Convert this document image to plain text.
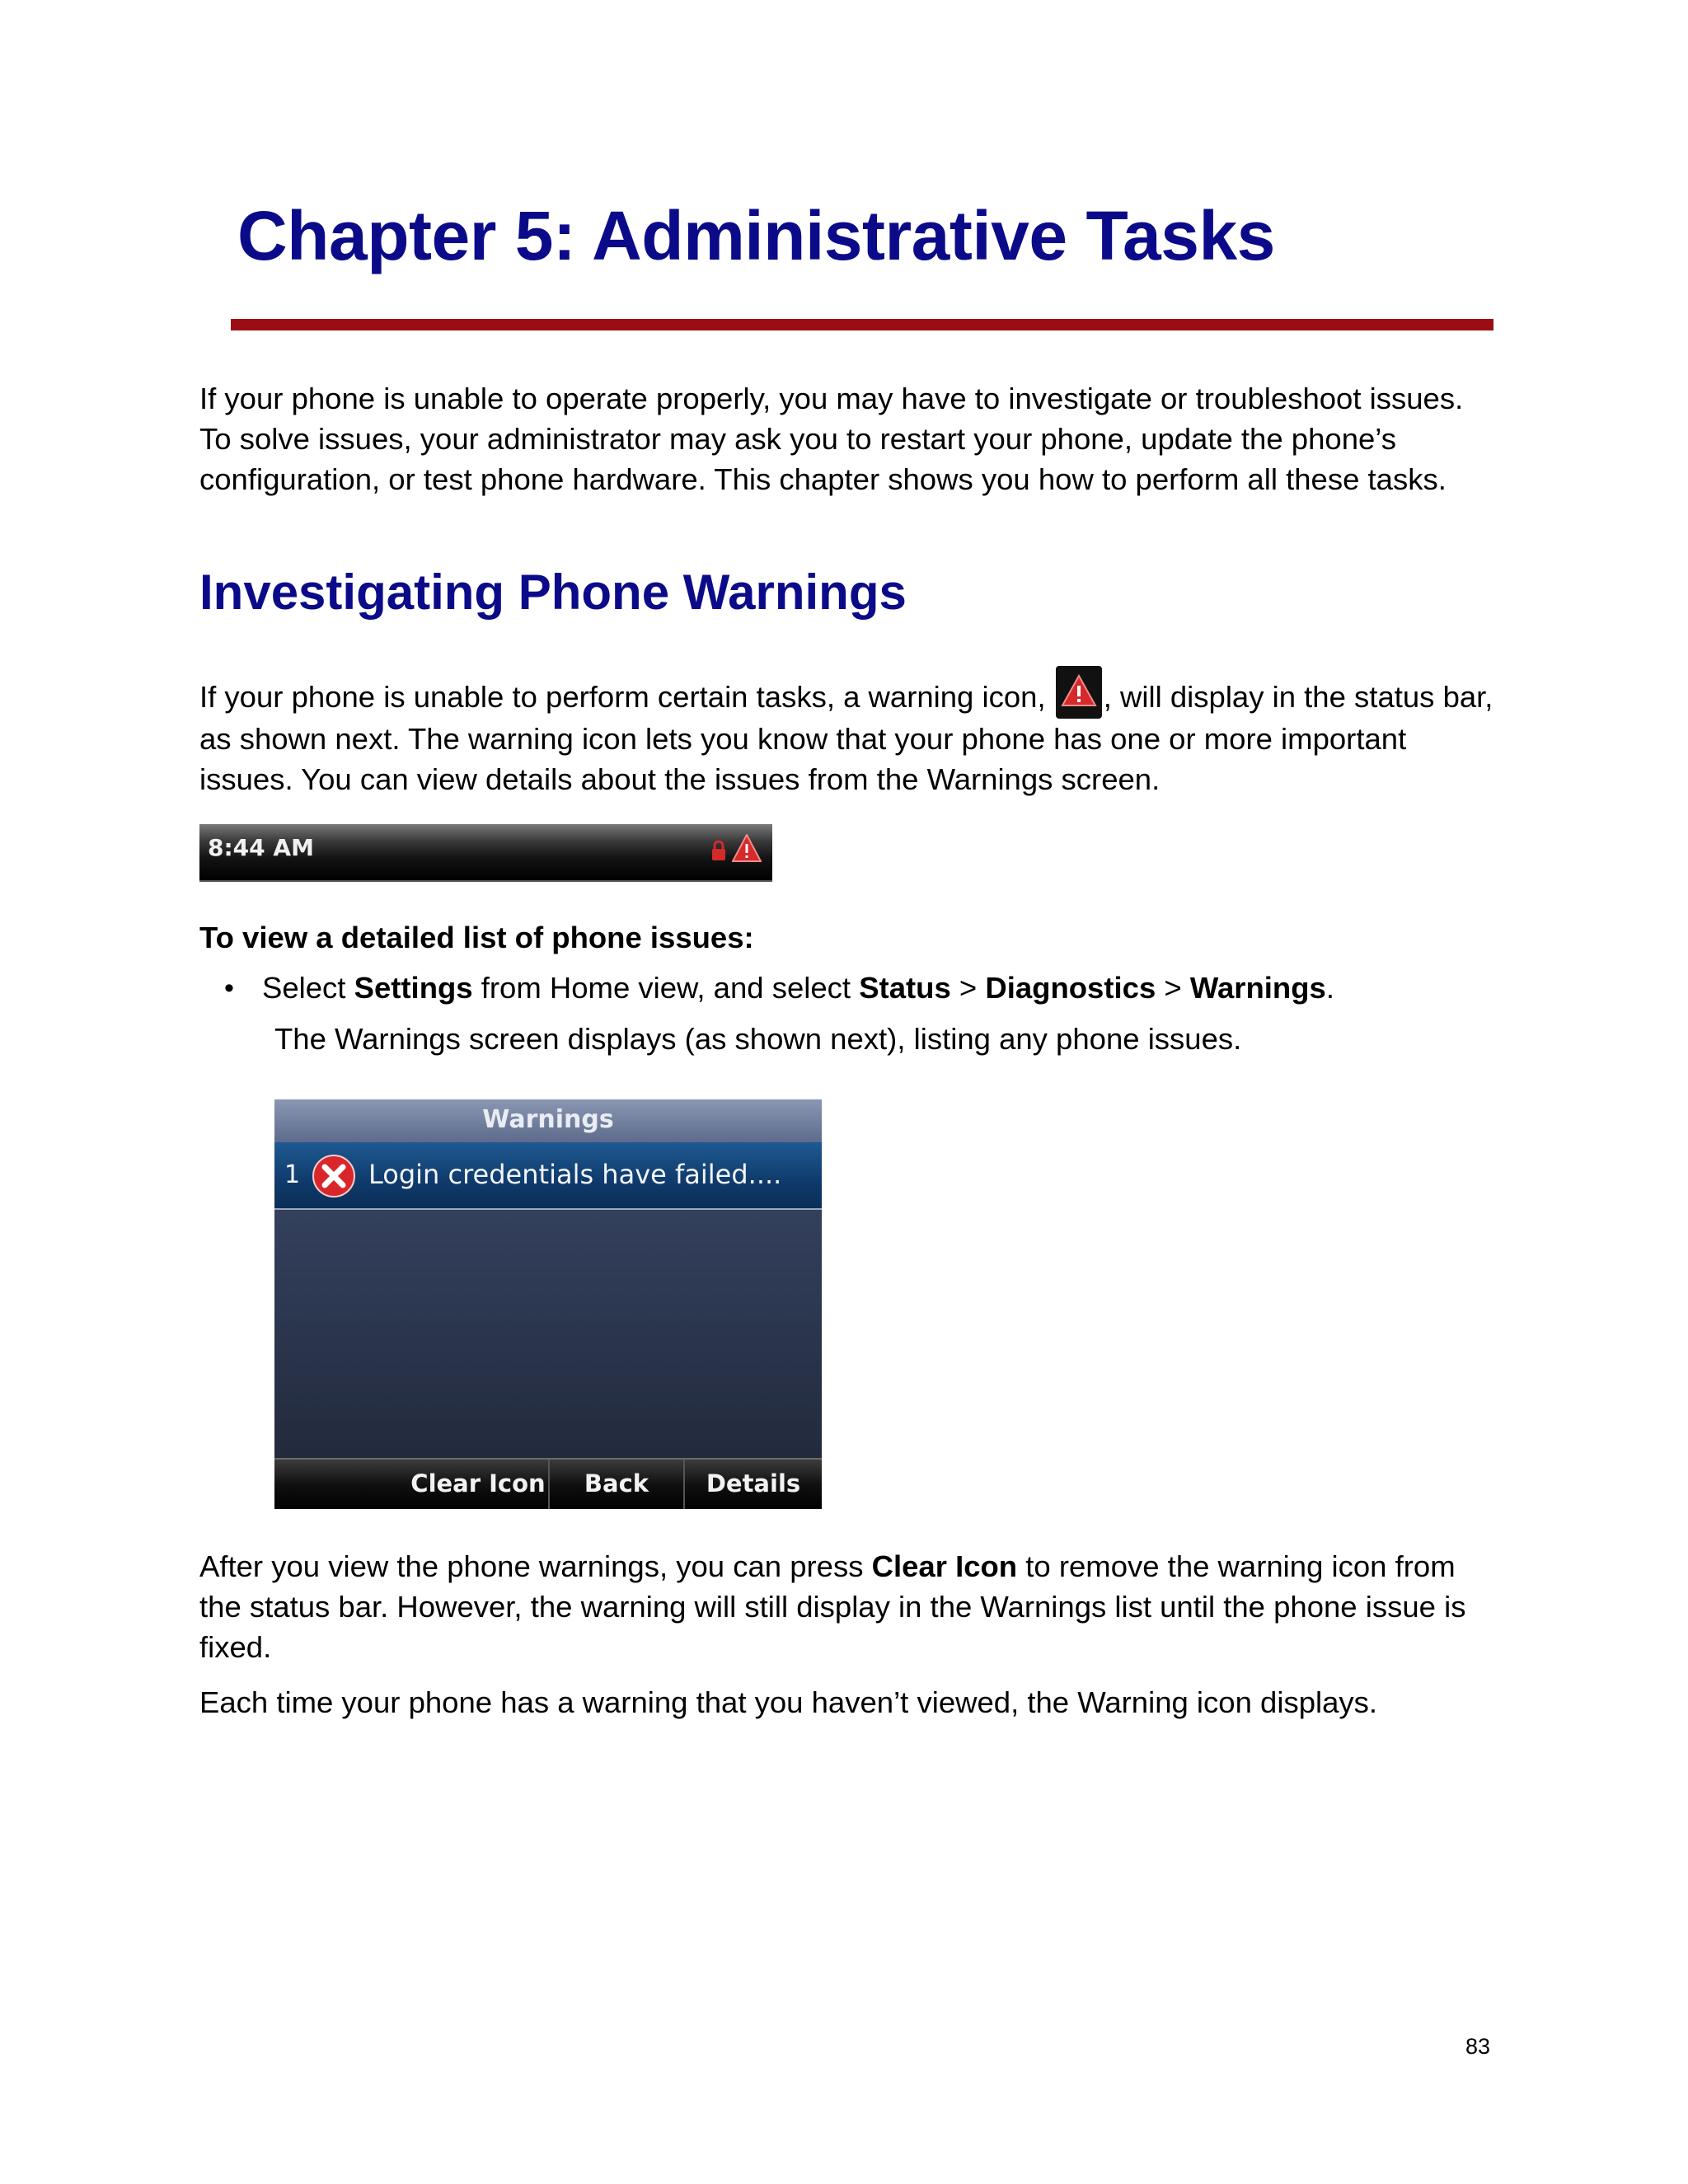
Chapter 5: Administrative Tasks

If your phone is unable to operate properly, you may have to investigate or troubleshoot issues. To solve issues, your administrator may ask you to restart your phone, update the phone’s configuration, or test phone hardware. This chapter shows you how to perform all these tasks.

Investigating Phone Warnings

If your phone is unable to perform certain tasks, a warning icon,
, will display in the status bar, as shown next. The warning icon lets you know that your phone has one or more important issues. You can view details about the issues from the Warnings screen.

8:44 AM

To view a detailed list of phone issues:

• Select Settings from Home view, and select Status > Diagnostics > Warnings.

The Warnings screen displays (as shown next), listing any phone issues.

Warnings
1	Login credentials have failed....
Clear Icon	Back	Details

After you view the phone warnings, you can press Clear Icon to remove the warning icon from the status bar. However, the warning will still display in the Warnings list until the phone issue is fixed.

Each time your phone has a warning that you haven’t viewed, the Warning icon displays.

83
